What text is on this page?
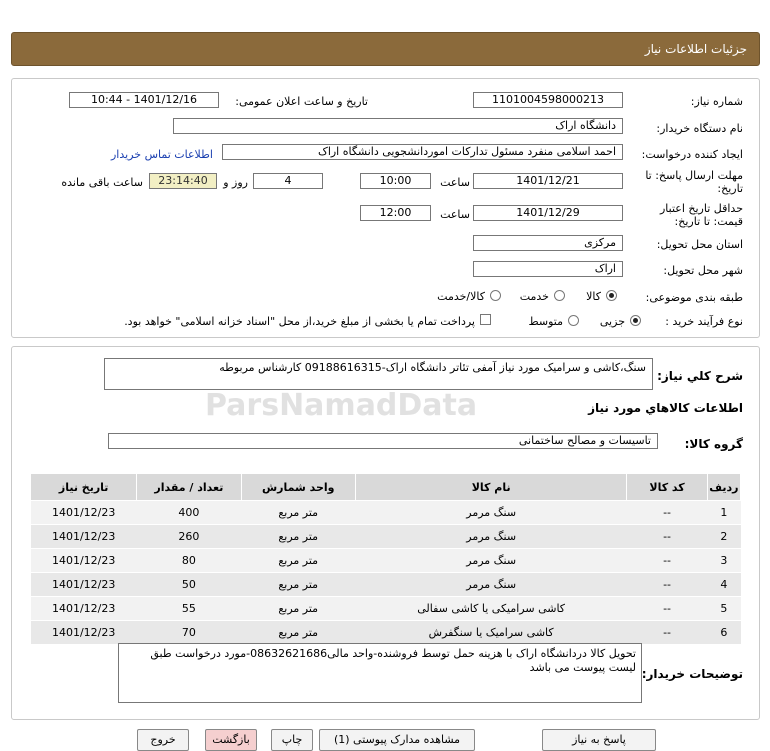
جزئیات اطلاعات نیاز
شماره نیاز:
1101004598000213
تاریخ و ساعت اعلان عمومی:
1401/12/16 - 10:44
نام دستگاه خریدار:
دانشگاه اراک
ایجاد کننده درخواست:
احمد اسلامی منفرد مسئول تدارکات اموردانشجویی دانشگاه اراک
اطلاعات تماس خریدار
مهلت ارسال پاسخ: تا
تاریخ:
1401/12/21
ساعت
10:00
4
روز و
23:14:40
ساعت باقی مانده
حداقل تاریخ اعتبار
قیمت: تا تاریخ:
1401/12/29
ساعت
12:00
استان محل تحویل:
مرکزی
شهر محل تحویل:
اراک
طبقه بندی موضوعی:
کالا
خدمت
کالا/خدمت
نوع فرآیند خرید :
جزیی
متوسط
پرداخت تمام یا بخشی از مبلغ خرید،از محل "اسناد خزانه اسلامی" خواهد بود.
شرح کلي نياز:
سنگ،کاشی و سرامیک مورد نیاز آمفی تئاتر دانشگاه اراک-09188616315 کارشناس مربوطه
اطلاعات کالاهاي مورد نياز
گروه کالا:
تاسیسات و مصالح ساختمانی
ردیف	کد کالا	نام کالا	واحد شمارش	تعداد / مقدار	تاریخ نیاز
1	--	سنگ مرمر	متر مربع	400	1401/12/23
2	--	سنگ مرمر	متر مربع	260	1401/12/23
3	--	سنگ مرمر	متر مربع	80	1401/12/23
4	--	سنگ مرمر	متر مربع	50	1401/12/23
5	--	کاشی سرامیکی یا کاشی سفالی	متر مربع	55	1401/12/23
6	--	کاشی سرامیک یا سنگفرش	متر مربع	70	1401/12/23
توضیحات خریدار:
تحویل کالا دردانشگاه اراک با هزینه حمل توسط فروشنده-واحد مالی08632621686-مورد درخواست طبق لیست پیوست می باشد
ParsNamadData
پاسخ به نیاز
مشاهده مدارک پیوستی (1)
چاپ
بازگشت
خروج
